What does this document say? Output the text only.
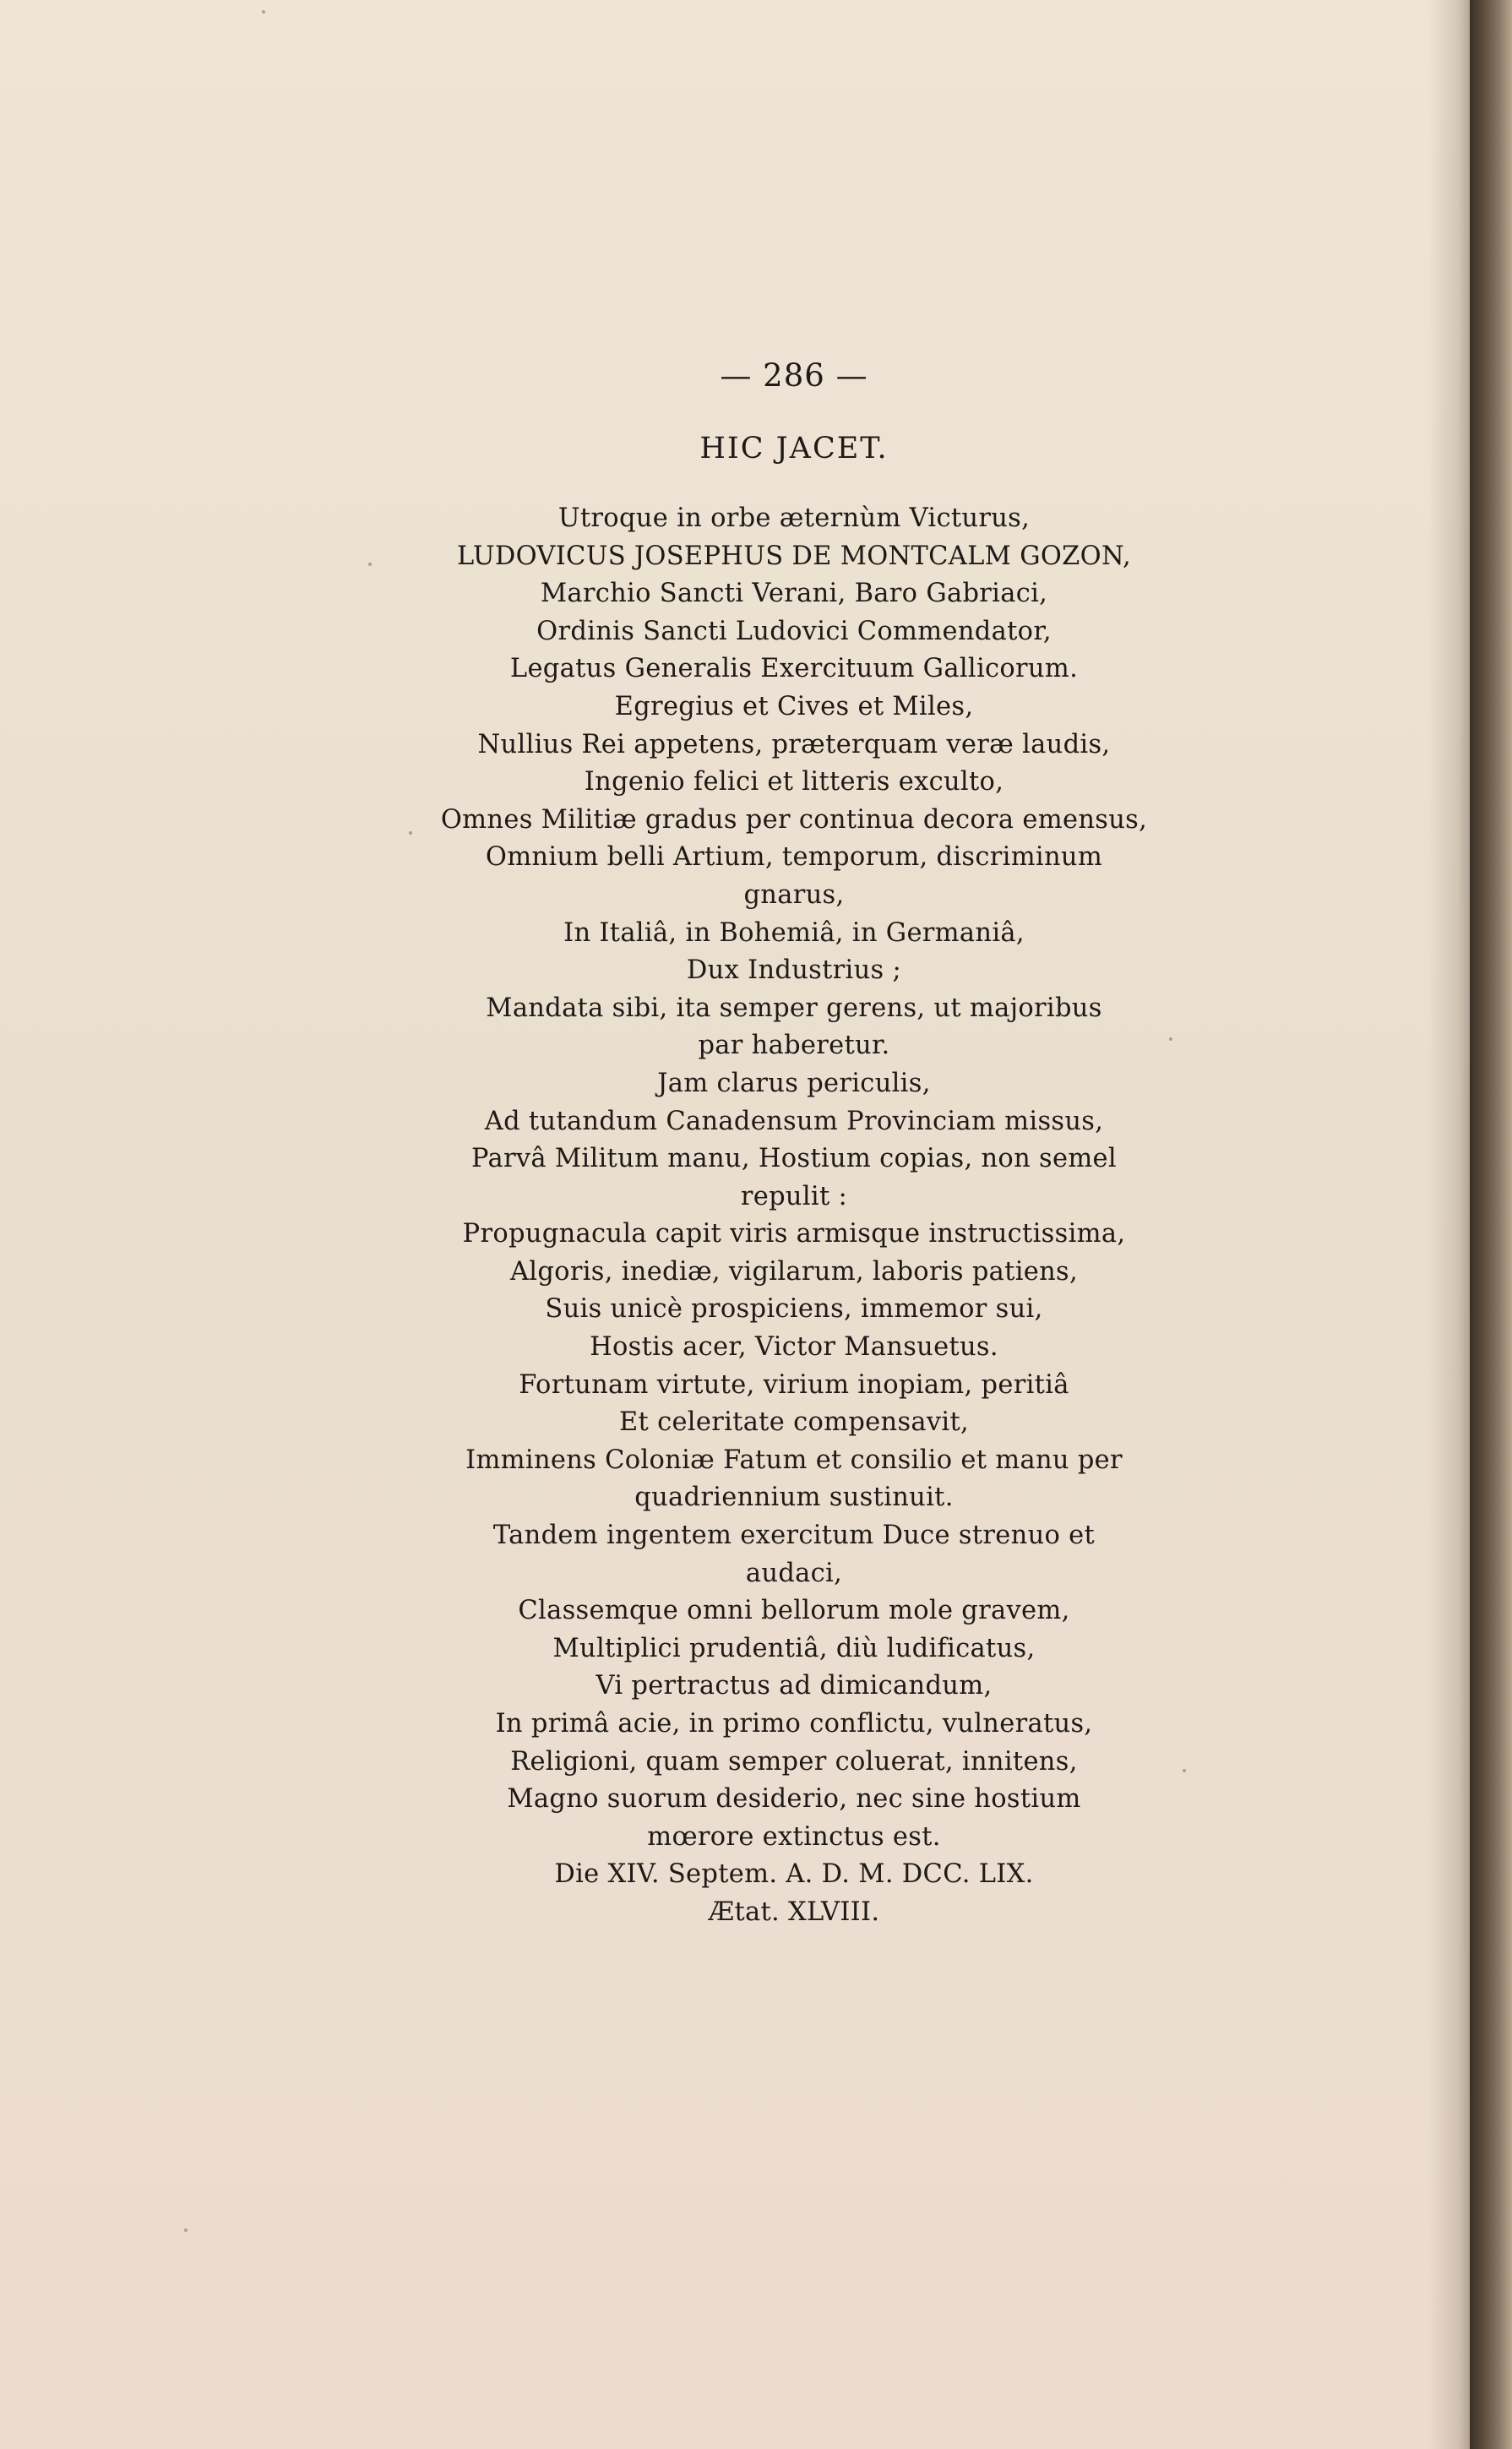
— 286 —
HIC JACET.
Utroque in orbe æternùm Victurus,
LUDOVICUS JOSEPHUS DE MONTCALM GOZON,
Marchio Sancti Verani, Baro Gabriaci,
Ordinis Sancti Ludovici Commendator,
Legatus Generalis Exercituum Gallicorum.
Egregius et Cives et Miles,
Nullius Rei appetens, præterquam veræ laudis,
Ingenio felici et litteris exculto,
Omnes Militiæ gradus per continua decora emensus,
Omnium belli Artium, temporum, discriminum
gnarus,
In Italiâ, in Bohemiâ, in Germaniâ,
Dux Industrius ;
Mandata sibi, ita semper gerens, ut majoribus
par haberetur.
Jam clarus periculis,
Ad tutandum Canadensum Provinciam missus,
Parvâ Militum manu, Hostium copias, non semel
repulit :
Propugnacula capit viris armisque instructissima,
Algoris, inediæ, vigilarum, laboris patiens,
Suis unicè prospiciens, immemor sui,
Hostis acer, Victor Mansuetus.
Fortunam virtute, virium inopiam, peritiâ
Et celeritate compensavit,
Imminens Coloniæ Fatum et consilio et manu per
quadriennium sustinuit.
Tandem ingentem exercitum Duce strenuo et
audaci,
Classemque omni bellorum mole gravem,
Multiplici prudentiâ, diù ludificatus,
Vi pertractus ad dimicandum,
In primâ acie, in primo conflictu, vulneratus,
Religioni, quam semper coluerat, innitens,
Magno suorum desiderio, nec sine hostium
mœrore extinctus est.
Die XIV. Septem. A. D. M. DCC. LIX.
Ætat. XLVIII.
